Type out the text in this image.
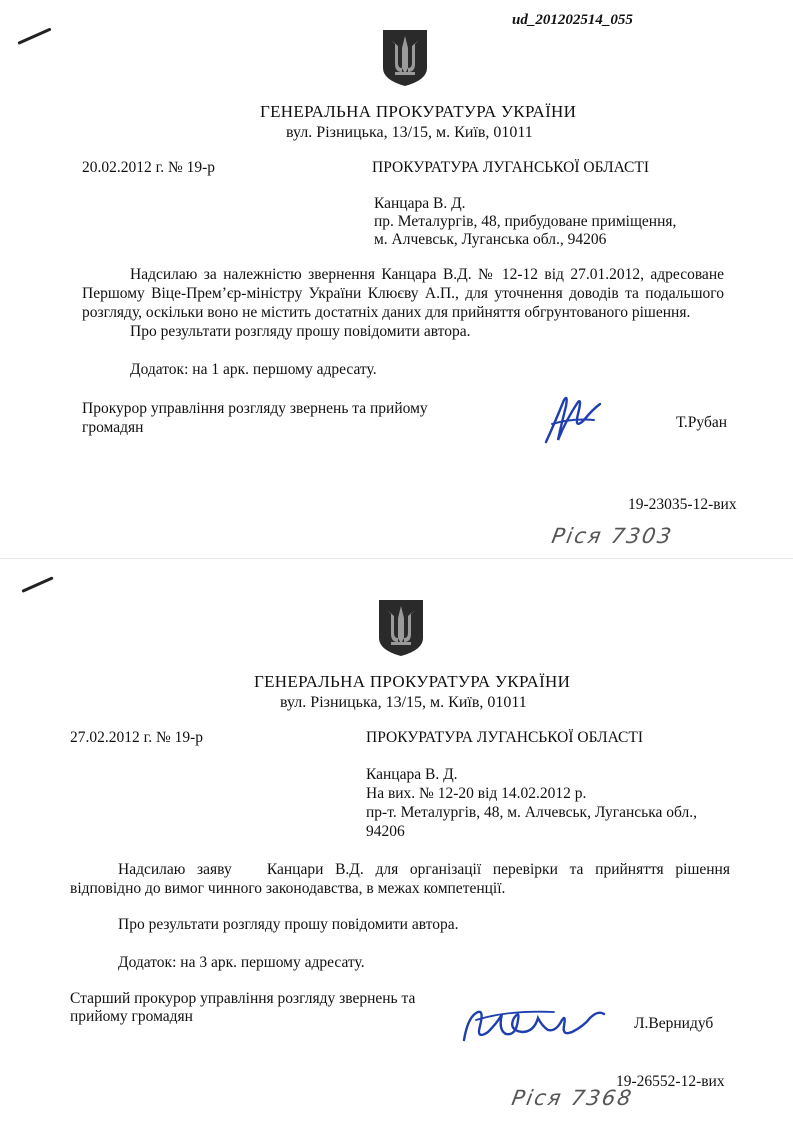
ud_201202514_055
ГЕНЕРАЛЬНА ПРОКУРАТУРА УКРАЇНИ
вул. Різницька, 13/15, м. Київ, 01011
20.02.2012 г. № 19-р	ПРОКУРАТУРА ЛУГАНСЬКОЇ ОБЛАСТІ
Канцара В. Д.
пр. Металургів, 48, прибудоване приміщення,
м. Алчевськ, Луганська обл., 94206
Надсилаю за належністю звернення Канцара В.Д. № 12-12 від 27.01.2012, адресоване
Першому Віце-Прем’єр-міністру України Клюєву А.П., для уточнення доводів та подальшого
розгляду, оскільки воно не містить достатніх даних для прийняття обгрунтованого рішення.
Про результати розгляду прошу повідомити автора.
Додаток: на 1 арк. першому адресату.
Прокурор управління розгляду звернень та прийому
громадян	Т.Рубан
19-23035-12-вих
Ріся 7303
ГЕНЕРАЛЬНА ПРОКУРАТУРА УКРАЇНИ
вул. Різницька, 13/15, м. Київ, 01011
27.02.2012 г. № 19-р	ПРОКУРАТУРА ЛУГАНСЬКОЇ ОБЛАСТІ
Канцара В. Д.
На вих. № 12-20 від 14.02.2012 р.
пр-т. Металургів, 48, м. Алчевськ, Луганська обл.,
94206
Надсилаю заяву   Канцари В.Д. для організації перевірки та прийняття рішення
відповідно до вимог чинного законодавства, в межах компетенції.
Про результати розгляду прошу повідомити автора.
Додаток: на 3 арк. першому адресату.
Старший прокурор управління розгляду звернень та
прийому громадян	Л.Вернидуб
19-26552-12-вих
Ріся 7368
